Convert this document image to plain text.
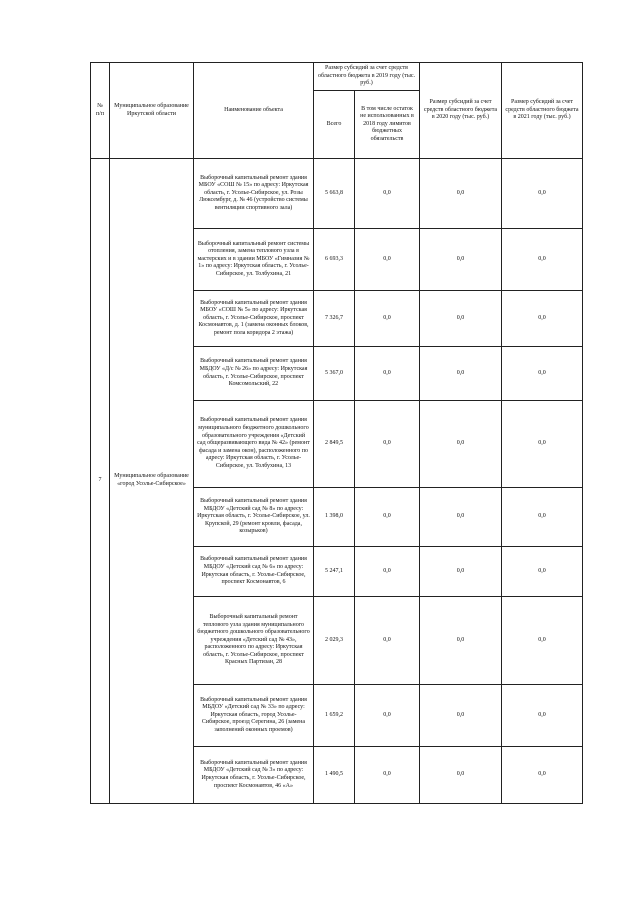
№ п/п	Муниципальное образование Иркутской области	Наименование объекта	Размер субсидий за счет средств областного бюджета в 2019 году (тыс. руб.)		Размер субсидий за счет средств областного бюджета в 2020 году (тыс. руб.)	Размер субсидий за счет средств областного бюджета в 2021 году (тыс. руб.)
			Всего	В том числе остаток не использованных в 2018 году лимитов бюджетных обязательств		
7	Муниципальное образование «город Усолье-Сибирское»	Выборочный капитальный ремонт здания МБОУ «СОШ № 15» по адресу: Иркутская область, г. Усолье-Сибирское, ул. Розы Люксембург, д. № 46 (устройство системы вентиляции спортивного зала)	5 663,8	0,0	0,0	0,0
		Выборочный капитальный ремонт системы отопления, замена теплового узла в мастерских и в здании МБОУ «Гимназия № 1» по адресу: Иркутская область, г. Усолье-Сибирское, ул. Толбухина, 21	6 693,3	0,0	0,0	0,0
		Выборочный капитальный ремонт здания МБОУ «СОШ № 5» по адресу: Иркутская область, г. Усолье-Сибирское, проспект Космонавтов, д. 1 (замена оконных блоков, ремонт пола коридора 2 этажа)	7 326,7	0,0	0,0	0,0
		Выборочный капитальный ремонт здания МБДОУ «Д/с № 26» по адресу: Иркутская область, г. Усолье-Сибирское, проспект Комсомольский, 22	5 367,0	0,0	0,0	0,0
		Выборочный капитальный ремонт здания муниципального бюджетного дошкольного образовательного учреждения «Детский сад общеразвивающего вида № 42» (ремонт фасада и замена окон), расположенного по адресу: Иркутская область, г. Усолье-Сибирское, ул. Толбухина, 13	2 849,5	0,0	0,0	0,0
		Выборочный капитальный ремонт здания МБДОУ «Детский сад № 8» по адресу: Иркутская область, г. Усолье-Сибирское, ул. Крупской, 29 (ремонт кровли, фасада, козырьков)	1 398,0	0,0	0,0	0,0
		Выборочный капитальный ремонт здания МБДОУ «Детский сад № 6» по адресу: Иркутская область, г. Усолье-Сибирское, проспект Космонавтов, 6	5 247,1	0,0	0,0	0,0
		Выборочный капитальный ремонт теплового узла здания муниципального бюджетного дошкольного образовательного учреждения «Детский сад № 43», расположенного по адресу: Иркутская область, г. Усолье-Сибирское, проспект Красных Партизан, 28	2 029,3	0,0	0,0	0,0
		Выборочный капитальный ремонт здания МБДОУ «Детский сад № 33» по адресу: Иркутская область, город Усолье-Сибирское, проезд Серегина, 26 (замена заполнений оконных проемов)	1 659,2	0,0	0,0	0,0
		Выборочный капитальный ремонт здания МБДОУ «Детский сад № 3» по адресу: Иркутская область, г. Усолье-Сибирское, проспект Космонавтов, 46 «А»	1 490,5	0,0	0,0	0,0
